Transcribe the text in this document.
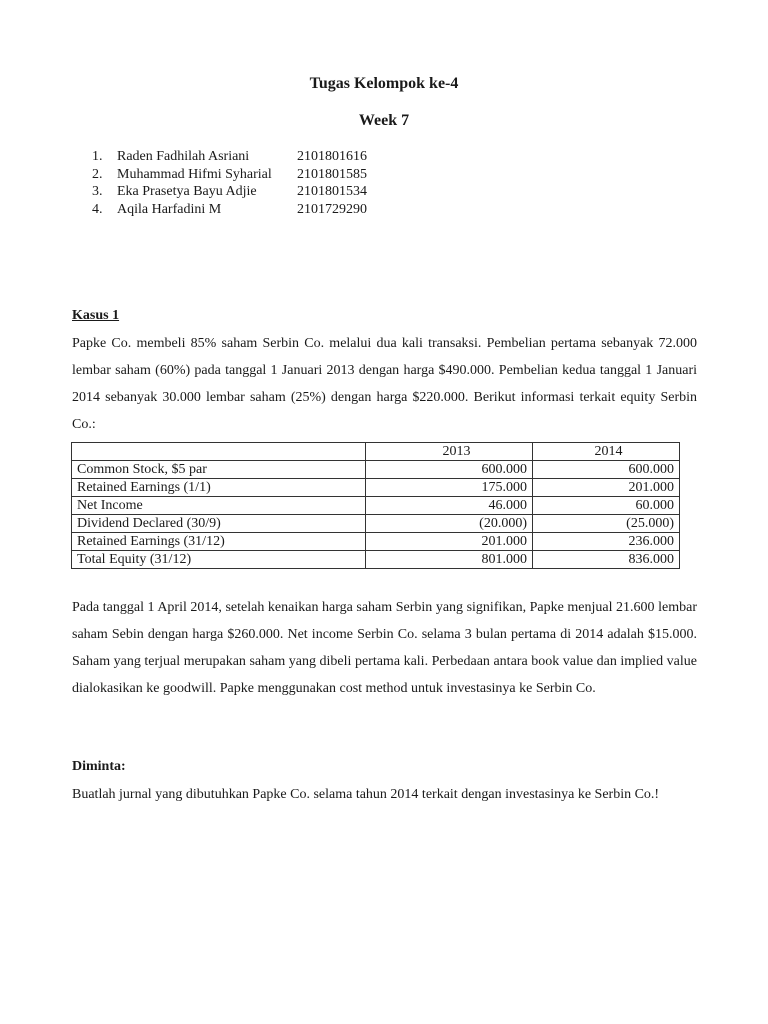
Tugas Kelompok ke-4
Week 7
1. Raden Fadhilah Asriani	2101801616
2. Muhammad Hifmi Syharial 2101801585
3. Eka Prasetya Bayu Adjie	2101801534
4. Aqila Harfadini M	2101729290
Kasus 1

Papke Co. membeli 85% saham Serbin Co. melalui dua kali transaksi. Pembelian pertama sebanyak 72.000 lembar saham (60%) pada tanggal 1 Januari 2013 dengan harga $490.000. Pembelian kedua tanggal 1 Januari 2014 sebanyak 30.000 lembar saham (25%) dengan harga $220.000. Berikut informasi terkait equity Serbin Co.:

	2013	2014
Common Stock, $5 par	600.000	600.000
Retained Earnings (1/1)	175.000	201.000
Net Income	46.000	60.000
Dividend Declared (30/9)	(20.000)	(25.000)
Retained Earnings (31/12)	201.000	236.000
Total Equity (31/12)	801.000	836.000

Pada tanggal 1 April 2014, setelah kenaikan harga saham Serbin yang signifikan, Papke menjual 21.600 lembar saham Sebin dengan harga $260.000. Net income Serbin Co. selama 3 bulan pertama di 2014 adalah $15.000. Saham yang terjual merupakan saham yang dibeli pertama kali. Perbedaan antara book value dan implied value dialokasikan ke goodwill. Papke menggunakan cost method untuk investasinya ke Serbin Co.

Diminta:

Buatlah jurnal yang dibutuhkan Papke Co. selama tahun 2014 terkait dengan investasinya ke Serbin Co.!
